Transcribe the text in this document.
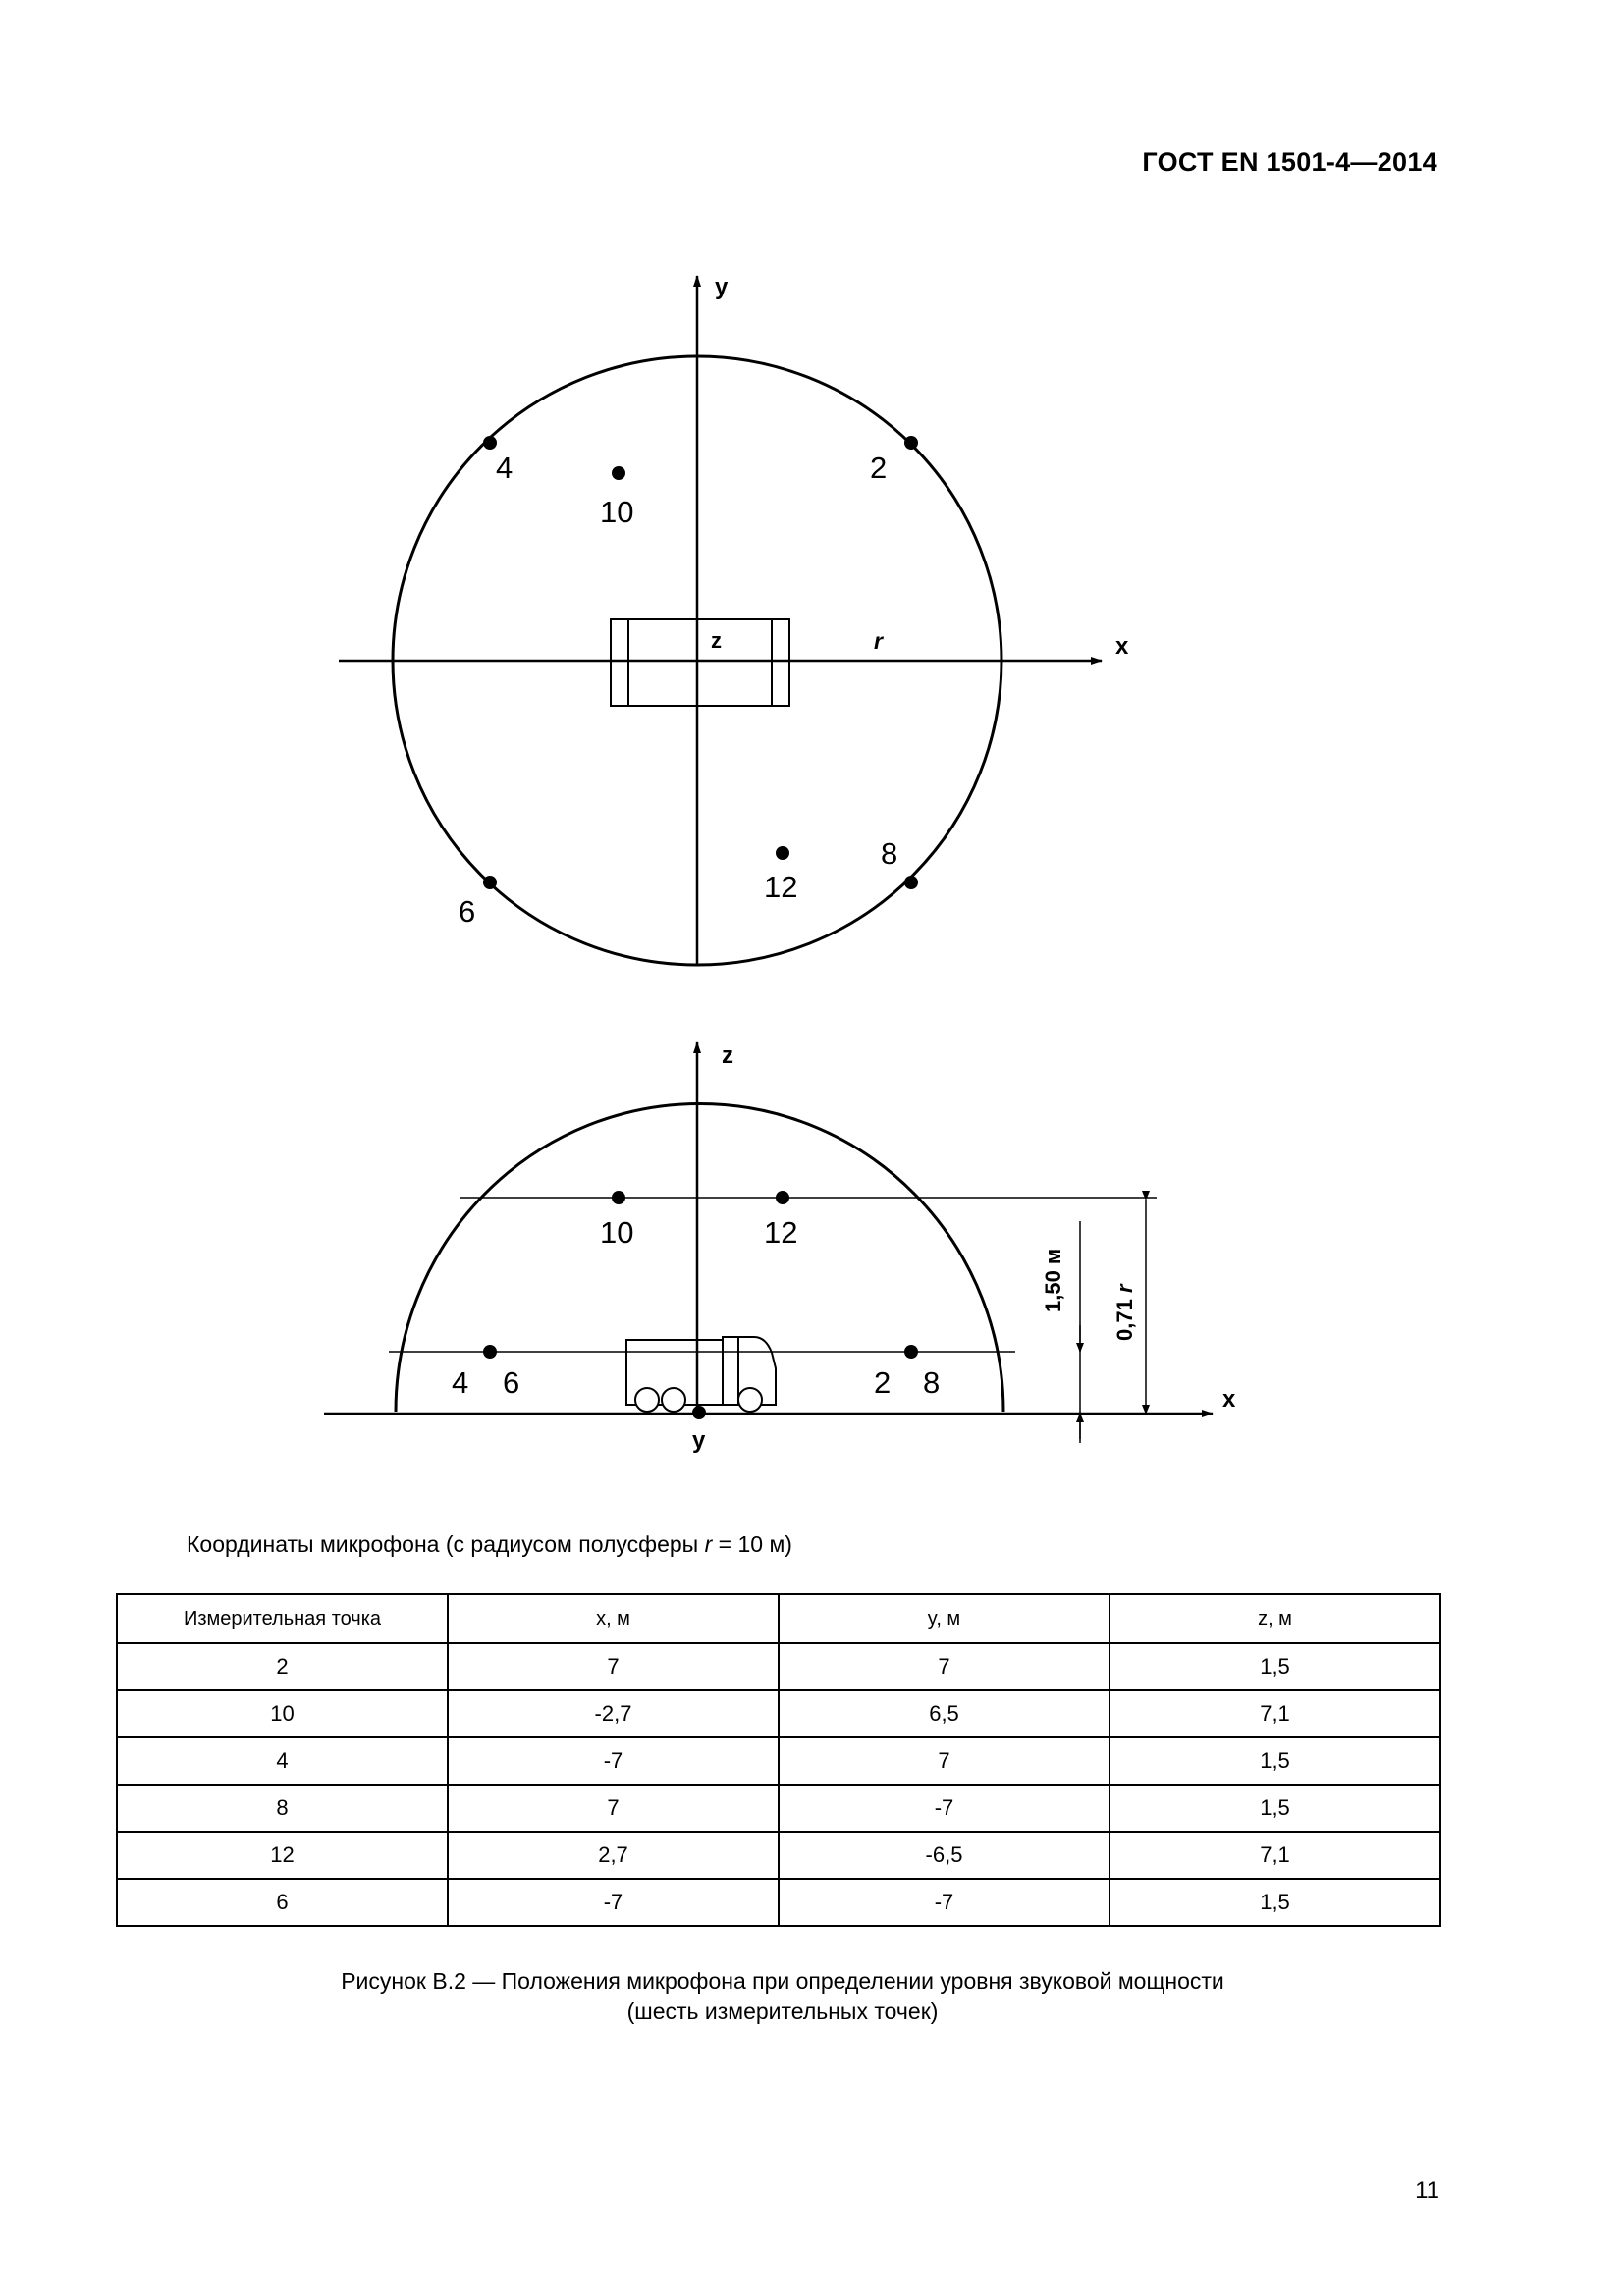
ГОСТ EN 1501-4—2014
x
y
z	r
4	2
10
6
8
12
z
x
y
10	12
4 6	2 8
1,50 м
0,71 r
Координаты микрофона (с радиусом полусферы r = 10 м)
Измерительная точка	x, м	y, м	z, м
2	7	7	1,5
10	-2,7	6,5	7,1
4	-7	7	1,5
8	7	-7	1,5
12	2,7	-6,5	7,1
6	-7	-7	1,5
Рисунок В.2 — Положения микрофона при определении уровня звуковой мощности
(шесть измерительных точек)
11
